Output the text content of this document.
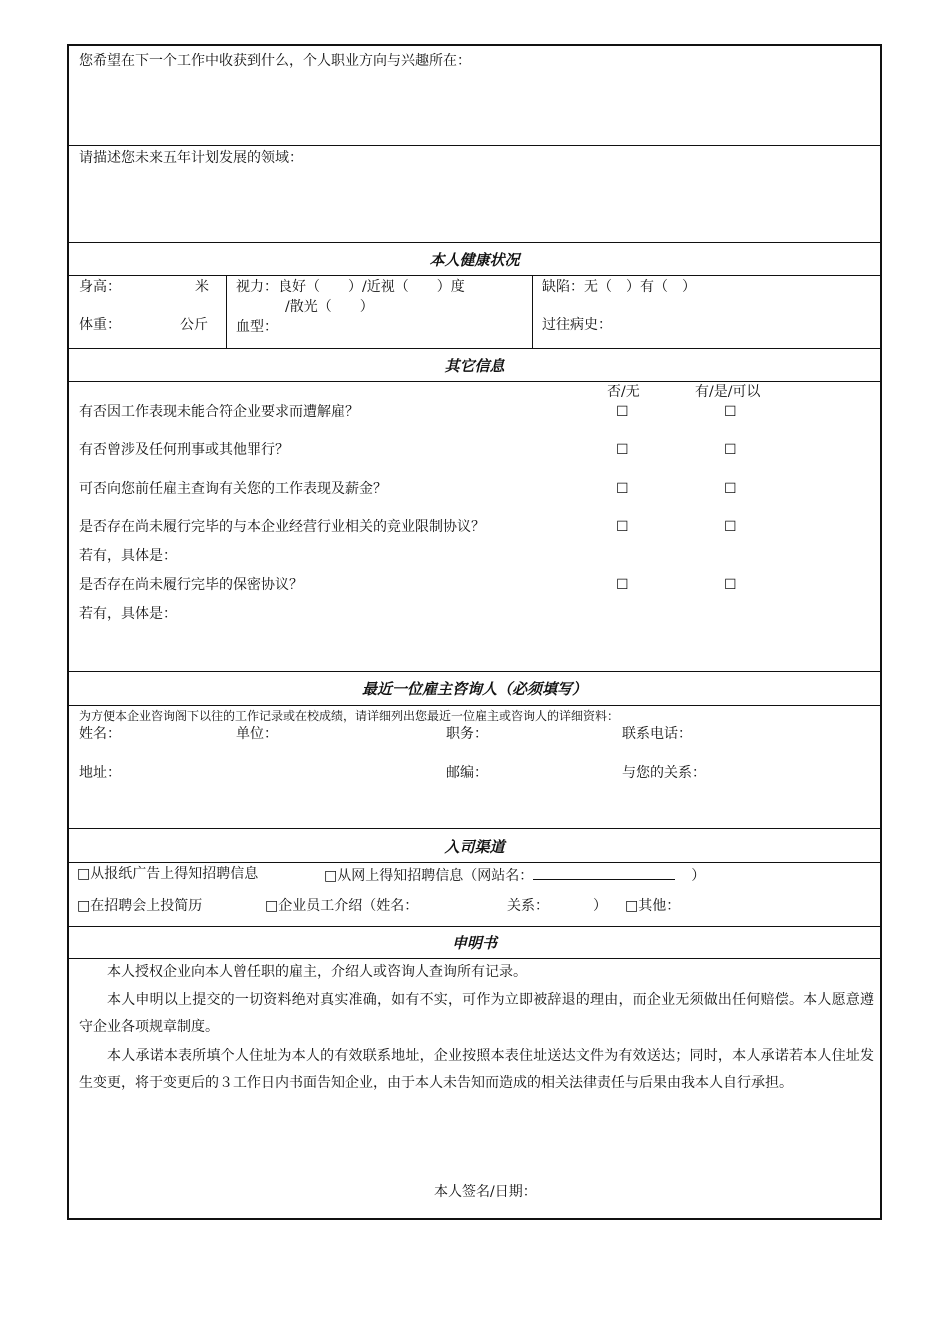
您希望在下一个工作中收获到什么，个人职业方向与兴趣所在：
请描述您未来五年计划发展的领域：
本人健康状况
身高：	米
体重：	公斤
视力：良好（　　）/近视（　　）度
/散光（　　）
血型：
缺陷：无（　）有（　）
过往病史：
其它信息
否/无	有/是/可以
有否因工作表现未能合符企业要求而遭解雇？	☐	☐
有否曾涉及任何刑事或其他罪行？	☐	☐
可否向您前任雇主查询有关您的工作表现及薪金？	☐	☐
是否存在尚未履行完毕的与本企业经营行业相关的竞业限制协议？	☐	☐
若有，具体是：
是否存在尚未履行完毕的保密协议？	☐	☐
若有，具体是：
最近一位雇主咨询人（必须填写）
为方便本企业咨询阁下以往的工作记录或在校成绩，请详细列出您最近一位雇主或咨询人的详细资料：
姓名：	单位：	职务：	联系电话：
地址：	邮编：	与您的关系：
入司渠道
□从报纸广告上得知招聘信息	□从网上得知招聘信息（网站名：	）
□在招聘会上投简历	□企业员工介绍（姓名：	关系：	） □其他：
申明书
本人授权企业向本人曾任职的雇主，介绍人或咨询人查询所有记录。
本人申明以上提交的一切资料绝对真实准确，如有不实，可作为立即被辞退的理由，而企业无须做出任何赔偿。本人愿意遵守企业各项规章制度。
本人承诺本表所填个人住址为本人的有效联系地址，企业按照本表住址送达文件为有效送达；同时，本人承诺若本人住址发生变更，将于变更后的３工作日内书面告知企业，由于本人未告知而造成的相关法律责任与后果由我本人自行承担。
本人签名/日期：
